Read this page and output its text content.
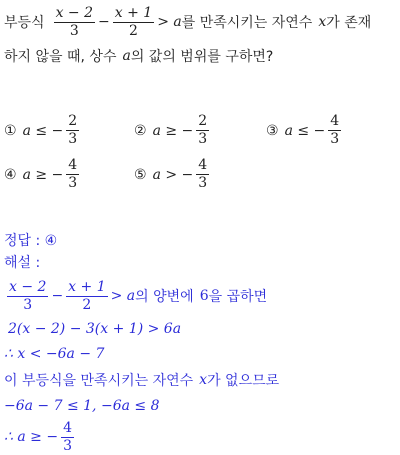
부등식 $\frac{x - 2}{3} - \frac{x + 1}{2} > a$ 를 만족시키는 자연수 x 가 존재
하지 않을 때, 상수 a 의 값의 범위를 구하면?
① a ≤ − $\frac{2}{3}$	② a ≥ − $\frac{2}{3}$	③ a ≤ − $\frac{4}{3}$
④ a ≥ − $\frac{4}{3}$	⑤ a > − $\frac{4}{3}$
정답 : ④
해설 :
$\frac{x - 2}{3} - \frac{x + 1}{2} > a$ 의 양변에 6 을 곱하면
2(x − 2) − 3(x + 1) > 6a
∴ x < −6a − 7
이 부등식을 만족시키는 자연수 x 가 없으므로
−6a − 7 ≤ 1, −6a ≤ 8
∴ a ≥ − $\frac{4}{3}$
